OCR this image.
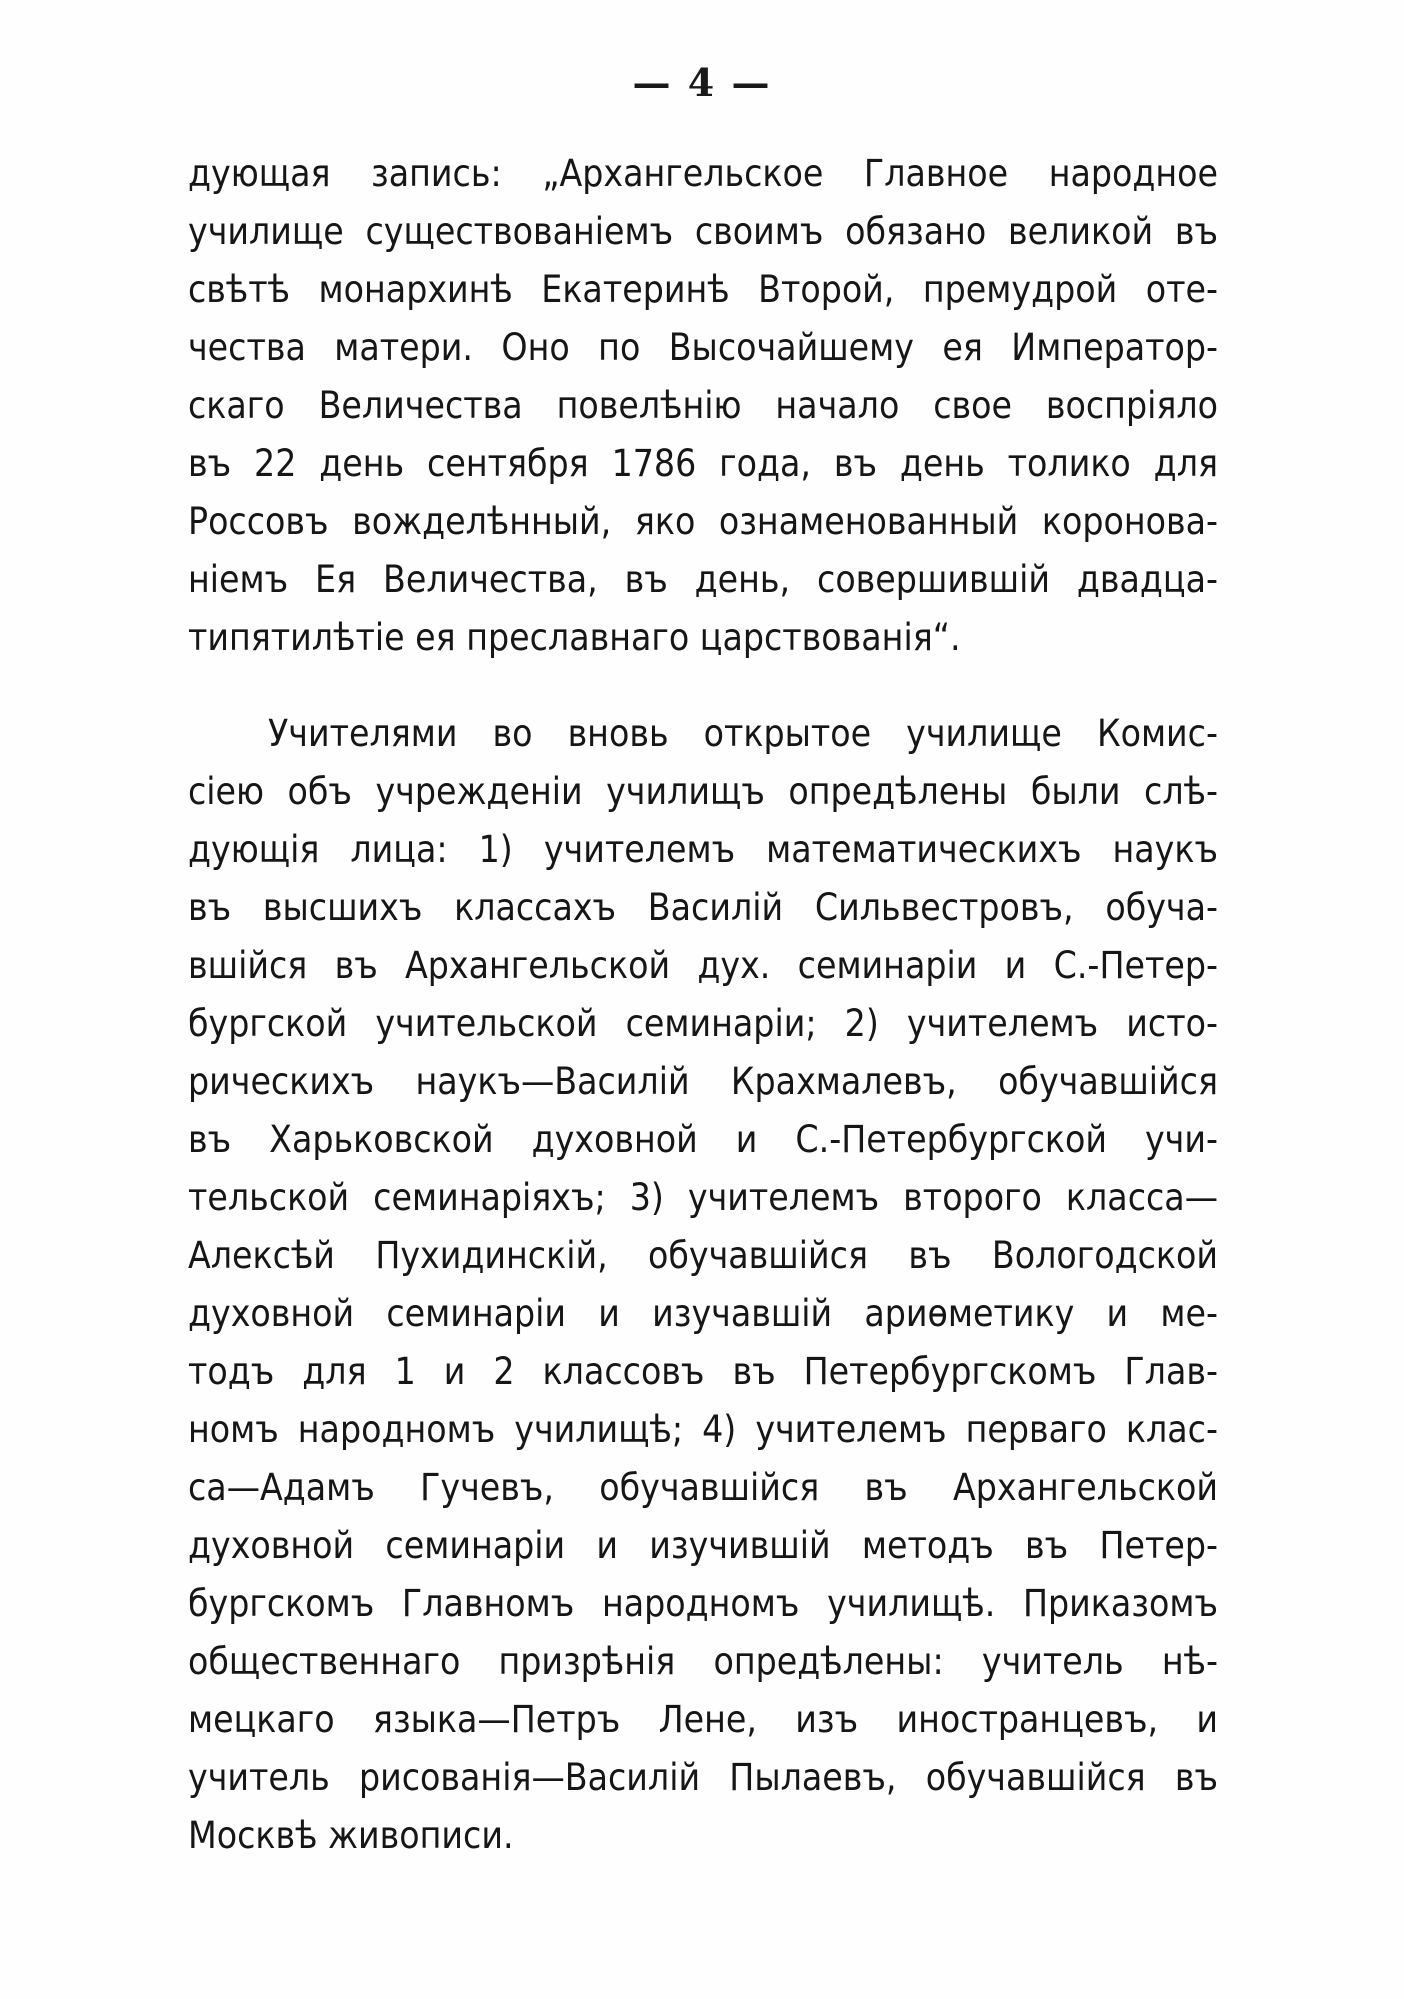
— 4 —
дующая запись: „Архангельское Главное народное
училище существованіемъ своимъ обязано великой въ
свѣтѣ монархинѣ Екатеринѣ Второй, премудрой оте-
чества матери. Оно по Высочайшему ея Император-
скаго Величества повелѣнію начало свое воспріяло
въ 22 день сентября 1786 года, въ день толико для
Россовъ вожделѣнный, яко ознаменованный коронова-
ніемъ Ея Величества, въ день, совершившій двадца-
типятилѣтіе ея преславнаго царствованія“.
Учителями во вновь открытое училище Комис-
сіею объ учрежденіи училищъ опредѣлены были слѣ-
дующія лица: 1) учителемъ математическихъ наукъ
въ высшихъ классахъ Василій Сильвестровъ, обуча-
вшійся въ Архангельской дух. семинаріи и С.-Петер-
бургской учительской семинаріи; 2) учителемъ исто-
рическихъ наукъ—Василій Крахмалевъ, обучавшійся
въ Харьковской духовной и С.-Петербургской учи-
тельской семинаріяхъ; 3) учителемъ второго класса—
Алексѣй Пухидинскій, обучавшійся въ Вологодской
духовной семинаріи и изучавшій ариѳметику и ме-
тодъ для 1 и 2 классовъ въ Петербургскомъ Глав-
номъ народномъ училищѣ; 4) учителемъ перваго клас-
са—Адамъ Гучевъ, обучавшійся въ Архангельской
духовной семинаріи и изучившій методъ въ Петер-
бургскомъ Главномъ народномъ училищѣ. Приказомъ
общественнаго призрѣнія опредѣлены: учитель нѣ-
мецкаго языка—Петръ Лене, изъ иностранцевъ, и
учитель рисованія—Василій Пылаевъ, обучавшійся въ
Москвѣ живописи.
